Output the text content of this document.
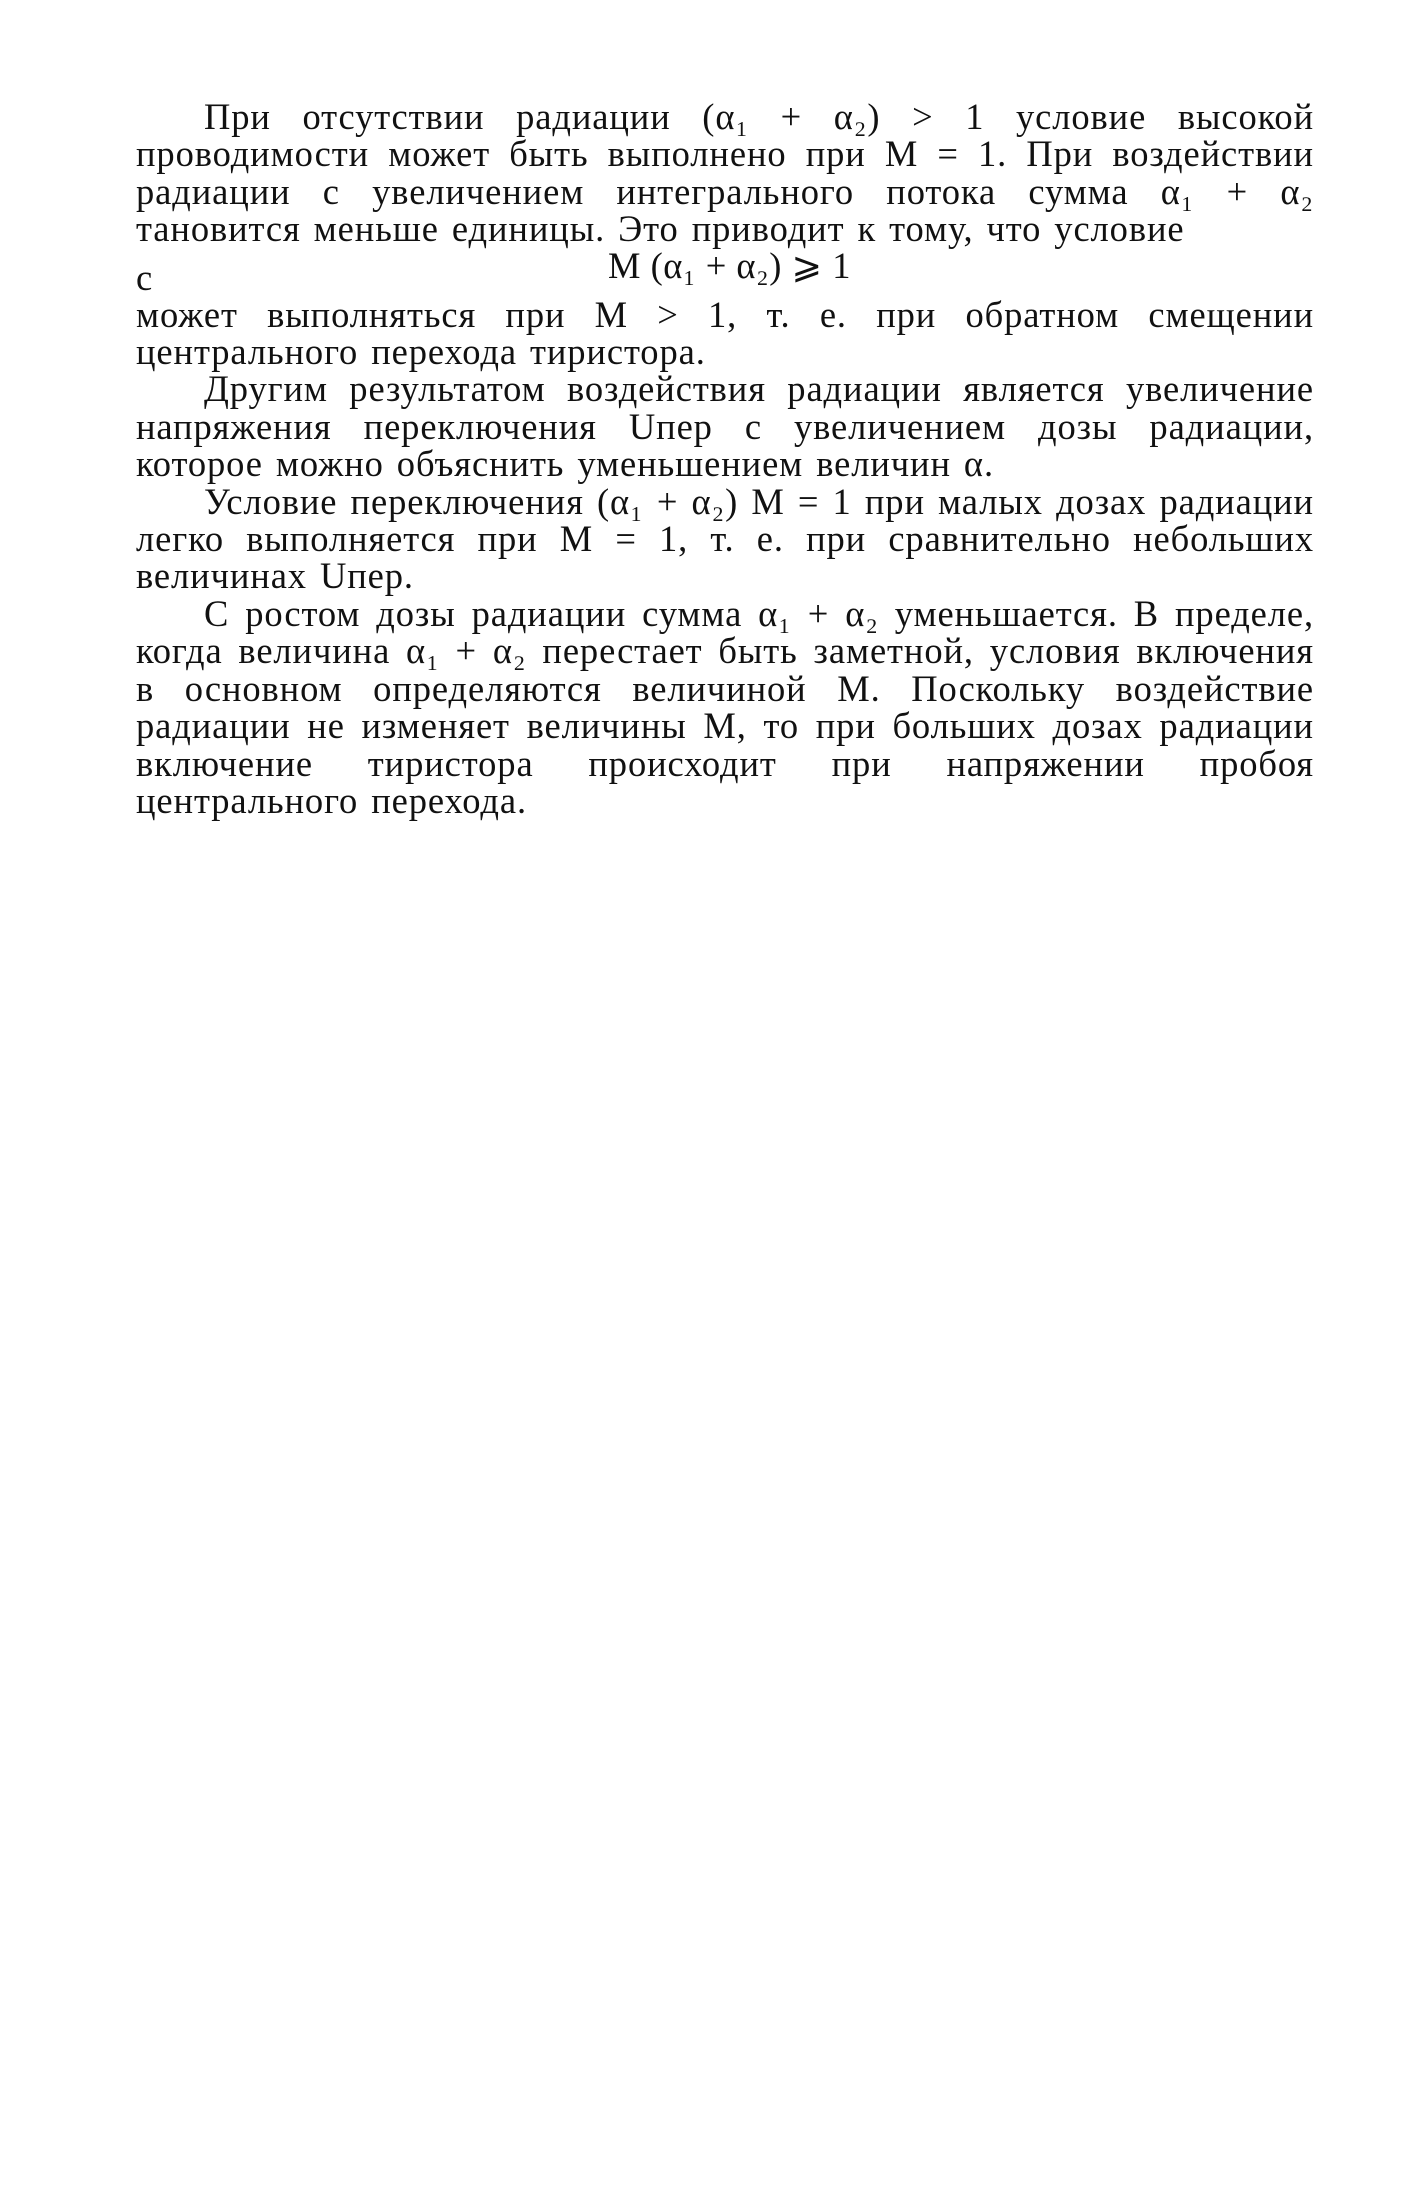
При отсутствии радиации (α₁ + α₂) > 1 условие высокой проводимости может быть выполнено при M = 1. При воздействии радиации с увеличением интегрального потока сумма α₁ + α₂ тановится меньше единицы. Это приводит к тому, что условие

с	M (α₁ + α₂) ⩾ 1

может выполняться при M > 1, т. е. при обратном смещении центрального перехода тиристора.

Другим результатом воздействия радиации является увеличение напряжения переключения Uпер с увеличением дозы радиации, которое можно объяснить уменьшением величин α.

Условие переключения (α₁ + α₂) M = 1 при малых дозах радиации легко выполняется при M = 1, т. е. при сравнительно небольших величинах Uпер.

С ростом дозы радиации сумма α₁ + α₂ уменьшается. В пределе, когда величина α₁ + α₂ перестает быть заметной, условия включения в основном определяются величиной M. Поскольку воздействие радиации не изменяет величины M, то при больших дозах радиации включение тиристора происходит при напряжении пробоя центрального перехода.
